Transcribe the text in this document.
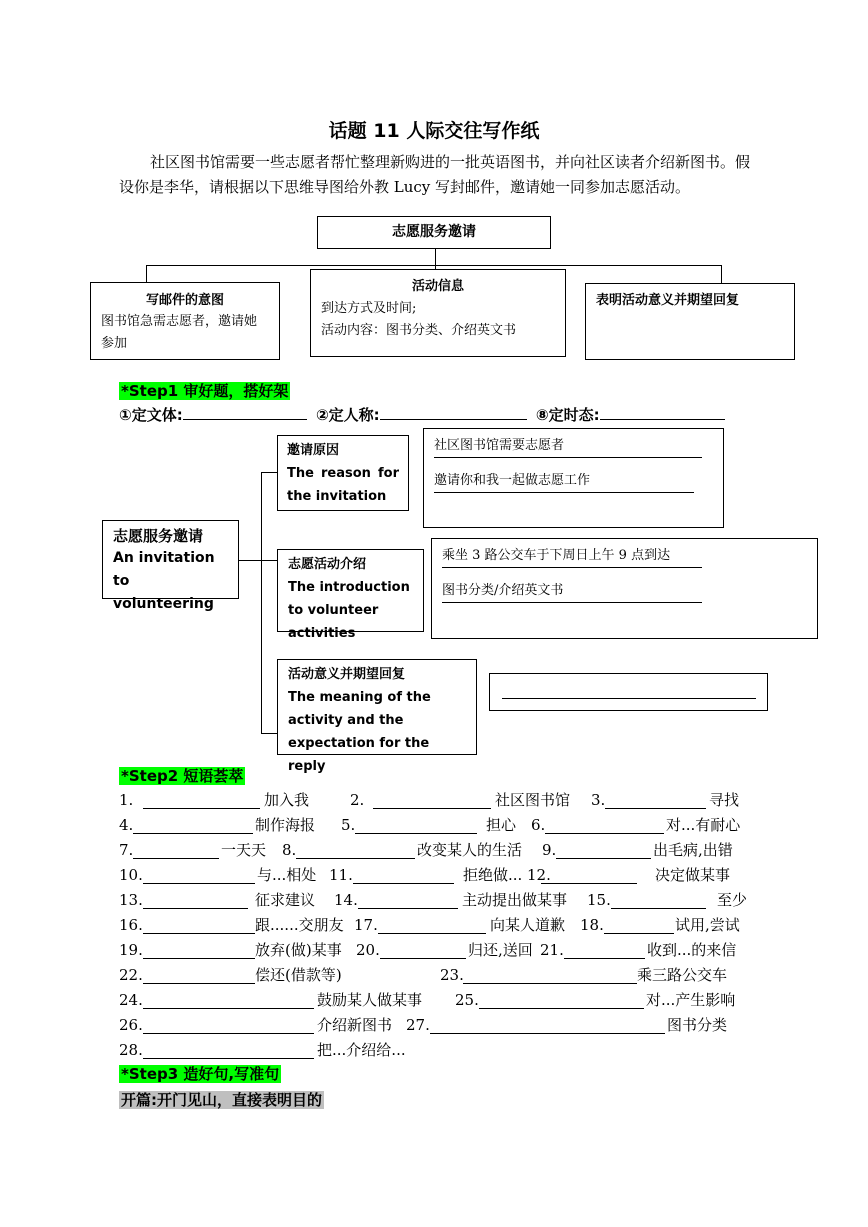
话题 11 人际交往写作纸

社区图书馆需要一些志愿者帮忙整理新购进的一批英语图书，并向社区读者介绍新图书。假设你是李华，请根据以下思维导图给外教 Lucy 写封邮件，邀请她一同参加志愿活动。

志愿服务邀请
写邮件的意图
图书馆急需志愿者，邀请她参加
活动信息
到达方式及时间;
活动内容：图书分类、介绍英文书
表明活动意义并期望回复
*Step1 审好题，搭好架
①定文体:	②定人称:	⑧定时态:
志愿服务邀请
An invitation to volunteering
邀请原因
The reason for the invitation
社区图书馆需要志愿者
邀请你和我一起做志愿工作
志愿活动介绍
The introduction to volunteer activities
乘坐 3 路公交车于下周日上午 9 点到达
图书分类/介绍英文书
活动意义并期望回复
The meaning of the activity and the expectation for the reply
*Step2 短语荟萃
1.	加入我	2.	社区图书馆 3.	寻找
4.	制作海报 5.	担心 6.	对...有耐心
7.	一天天 8.	改变某人的生活 9.	出毛病,出错
10.	与...相处 11.	拒绝做... 12.	决定做某事
13.	征求建议 14.	主动提出做某事 15.	至少
16.	跟......交朋友 17.	向某人道歉 18.	试用,尝试
19.	放弃(做)某事 20.	归还,送回 21.	收到...的来信
22.	偿还(借款等)	23.	乘三路公交车
24.	鼓励某人做某事 25.	对...产生影响
26.	介绍新图书 27.	图书分类
28.	把...介绍给...
*Step3 造好句,写准句
开篇:开门见山，直接表明目的
